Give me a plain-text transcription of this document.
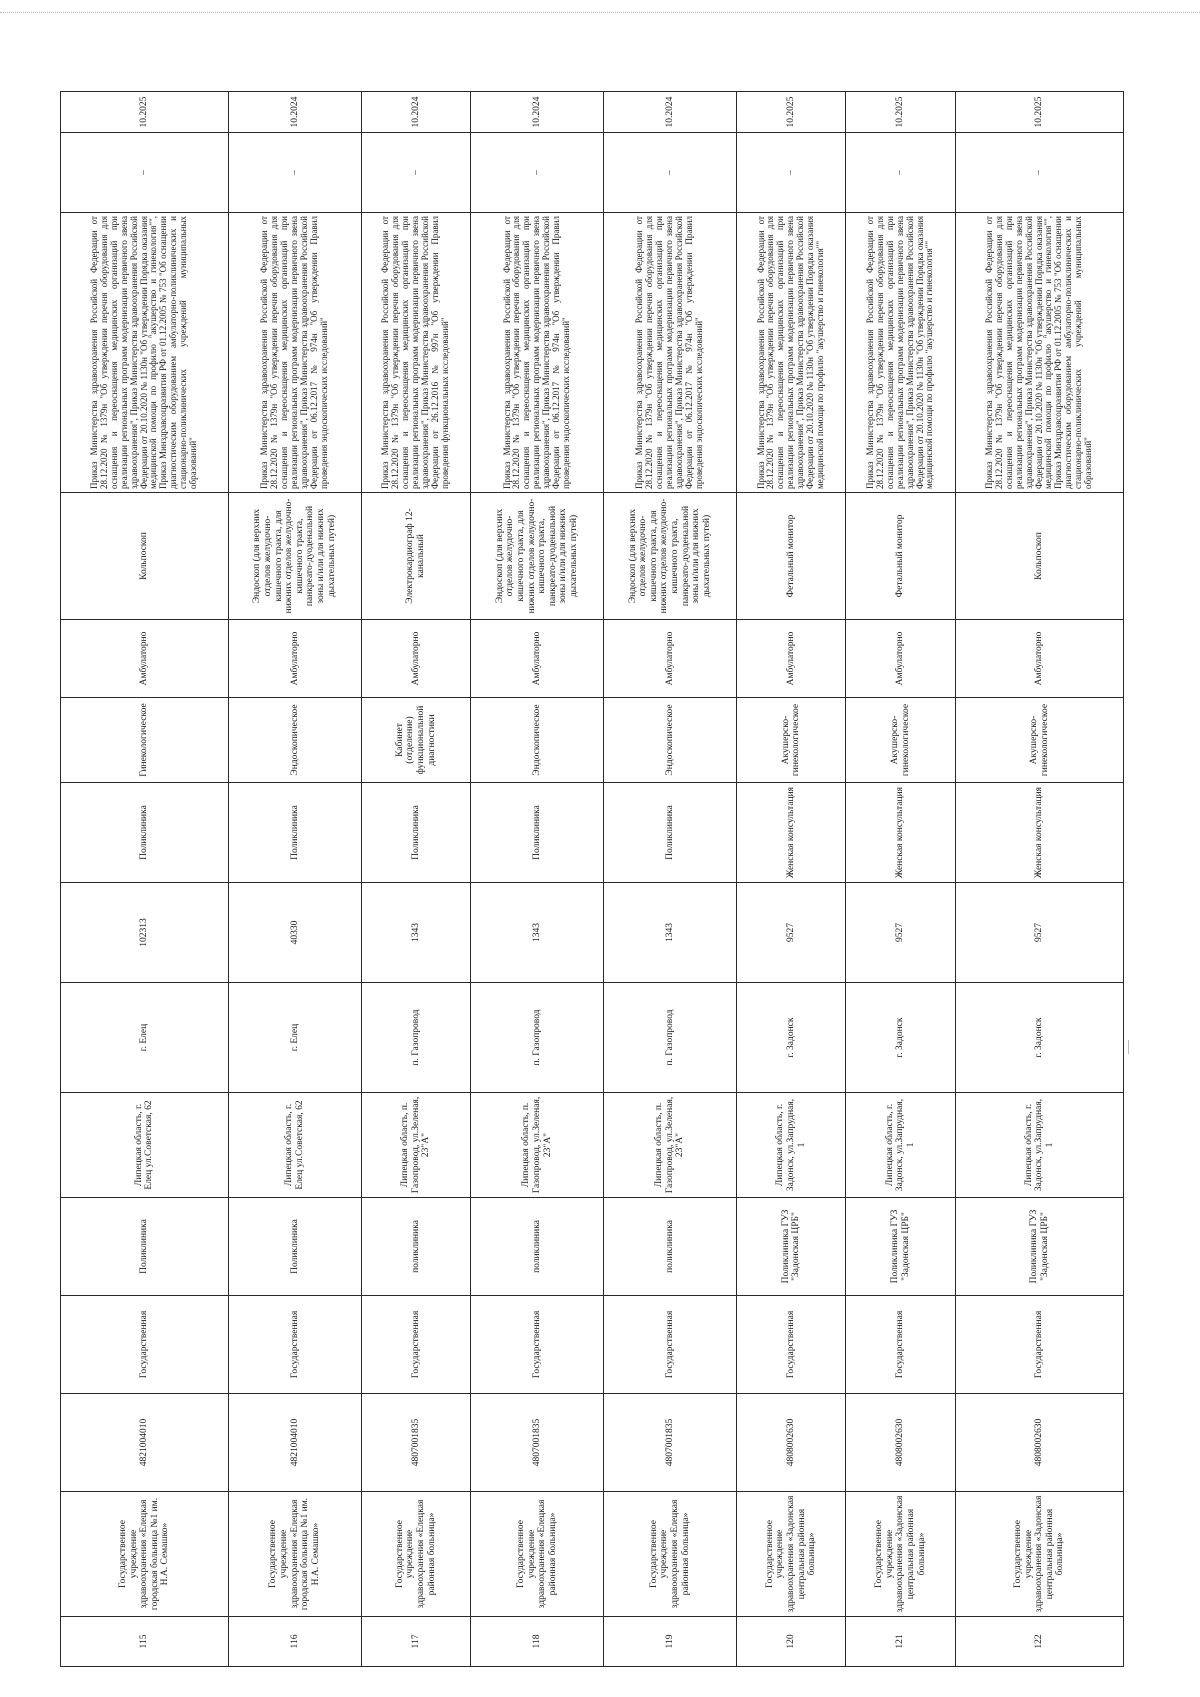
115	Государственное учреждение здравоохранения «Елецкая городская больница №1 им. Н.А. Семашко»	4821004010	Государственная	Поликлиника	Липецкая область, г. Елец ул.Советская, 62	г. Елец	102313	Поликлиника	Гинекологическое	Амбулаторно	Кольпоскоп	Приказ Министерства здравоохранения Российской Федерации от 28.12.2020 № 1379н "Об утверждении перечня оборудования для оснащения и переоснащения медицинских организаций при реализации региональных программ модернизации первичного звена здравоохранения", Приказ Министерства здравоохранения Российской Федерации от 20.10.2020 № 1130н "Об утверждении Порядка оказания медицинской помощи по профилю "акушерство и гинекология"", Приказ Минздравсоцразвития РФ от 01.12.2005 № 753 "Об оснащении диагностическим оборудованием амбулаторно-поликлинических и стационарно-поликлинических учреждений муниципальных образований"	–	10.2025
116	Государственное учреждение здравоохранения «Елецкая городская больница №1 им. Н.А. Семашко»	4821004010	Государственная	Поликлиника	Липецкая область, г. Елец ул.Советская, 62	г. Елец	40330	Поликлиника	Эндоскопическое	Амбулаторно	Эндоскоп (для верхних отделов желудочно-кишечного тракта, для нижних отделов желудочно-кишечного тракта, панкреато-дуоденальной зоны и/или для нижних дыхательных путей)	Приказ Министерства здравоохранения Российской Федерации от 28.12.2020 № 1379н "Об утверждении перечня оборудования для оснащения и переоснащения медицинских организаций при реализации региональных программ модернизации первичного звена здравоохранения", Приказ Министерства здравоохранения Российской Федерации от 06.12.2017 № 974н "Об утверждении Правил проведения эндоскопических исследований"	–	10.2024
117	Государственное учреждение здравоохранения «Елецкая районная больница»	4807001835	Государственная	поликлиника	Липецкая область, п. Газопровод, ул.Зеленая, 23"А"	п. Газопровод	1343	Поликлиника	Кабинет (отделение) функциональной диагностики	Амбулаторно	Электрокардиограф 12-канальный	Приказ Министерства здравоохранения Российской Федерации от 28.12.2020 № 1379н "Об утверждении перечня оборудования для оснащения и переоснащения медицинских организаций при реализации региональных программ модернизации первичного звена здравоохранения", Приказ Министерства здравоохранения Российской Федерации от 26.12.2016 № 997н "Об утверждении Правил проведения функциональных исследований"	–	10.2024
118	Государственное учреждение здравоохранения «Елецкая районная больница»	4807001835	Государственная	поликлиника	Липецкая область, п. Газопровод, ул.Зеленая, 23"А"	п. Газопровод	1343	Поликлиника	Эндоскопическое	Амбулаторно	Эндоскоп (для верхних отделов желудочно-кишечного тракта, для нижних отделов желудочно-кишечного тракта, панкреато-дуоденальной зоны и/или для нижних дыхательных путей)	Приказ Министерства здравоохранения Российской Федерации от 28.12.2020 № 1379н "Об утверждении перечня оборудования для оснащения и переоснащения медицинских организаций при реализации региональных программ модернизации первичного звена здравоохранения", Приказ Министерства здравоохранения Российской Федерации от 06.12.2017 № 974н "Об утверждении Правил проведения эндоскопических исследований"	–	10.2024
119	Государственное учреждение здравоохранения «Елецкая районная больница»	4807001835	Государственная	поликлиника	Липецкая область, п. Газопровод, ул.Зеленая, 23"А"	п. Газопровод	1343	Поликлиника	Эндоскопическое	Амбулаторно	Эндоскоп (для верхних отделов желудочно-кишечного тракта, для нижних отделов желудочно-кишечного тракта, панкреато-дуоденальной зоны и/или для нижних дыхательных путей)	Приказ Министерства здравоохранения Российской Федерации от 28.12.2020 № 1379н "Об утверждении перечня оборудования для оснащения и переоснащения медицинских организаций при реализации региональных программ модернизации первичного звена здравоохранения", Приказ Министерства здравоохранения Российской Федерации от 06.12.2017 № 974н "Об утверждении Правил проведения эндоскопических исследований"	–	10.2024
120	Государственное учреждение здравоохранения «Задонская центральная районная больница»	4808002630	Государственная	Поликлиника ГУЗ "Задонская ЦРБ"	Липецкая область, г. Задонск, ул.Запрудная, 1	г. Задонск	9527	Женская консультация	Акушерско-гинекологическое	Амбулаторно	Фетальный монитор	Приказ Министерства здравоохранения Российской Федерации от 28.12.2020 № 1379н "Об утверждении перечня оборудования для оснащения и переоснащения медицинских организаций при реализации региональных программ модернизации первичного звена здравоохранения", Приказ Министерства здравоохранения Российской Федерации от 20.10.2020 № 1130н "Об утверждении Порядка оказания медицинской помощи по профилю "акушерство и гинекология""	–	10.2025
121	Государственное учреждение здравоохранения «Задонская центральная районная больница»	4808002630	Государственная	Поликлиника ГУЗ "Задонская ЦРБ"	Липецкая область, г. Задонск, ул.Запрудная, 1	г. Задонск	9527	Женская консультация	Акушерско-гинекологическое	Амбулаторно	Фетальный монитор	Приказ Министерства здравоохранения Российской Федерации от 28.12.2020 № 1379н "Об утверждении перечня оборудования для оснащения и переоснащения медицинских организаций при реализации региональных программ модернизации первичного звена здравоохранения", Приказ Министерства здравоохранения Российской Федерации от 20.10.2020 № 1130н "Об утверждении Порядка оказания медицинской помощи по профилю "акушерство и гинекология""	–	10.2025
122	Государственное учреждение здравоохранения «Задонская центральная районная больница»	4808002630	Государственная	Поликлиника ГУЗ "Задонская ЦРБ"	Липецкая область, г. Задонск, ул.Запрудная, 1	г. Задонск	9527	Женская консультация	Акушерско-гинекологическое	Амбулаторно	Кольпоскоп	Приказ Министерства здравоохранения Российской Федерации от 28.12.2020 № 1379н "Об утверждении перечня оборудования для оснащения и переоснащения медицинских организаций при реализации региональных программ модернизации первичного звена здравоохранения", Приказ Министерства здравоохранения Российской Федерации от 20.10.2020 № 1130н "Об утверждении Порядка оказания медицинской помощи по профилю "акушерство и гинекология"", Приказ Минздравсоцразвития РФ от 01.12.2005 № 753 "Об оснащении диагностическим оборудованием амбулаторно-поликлинических и стационарно-поликлинических учреждений муниципальных образований"	–	10.2025
